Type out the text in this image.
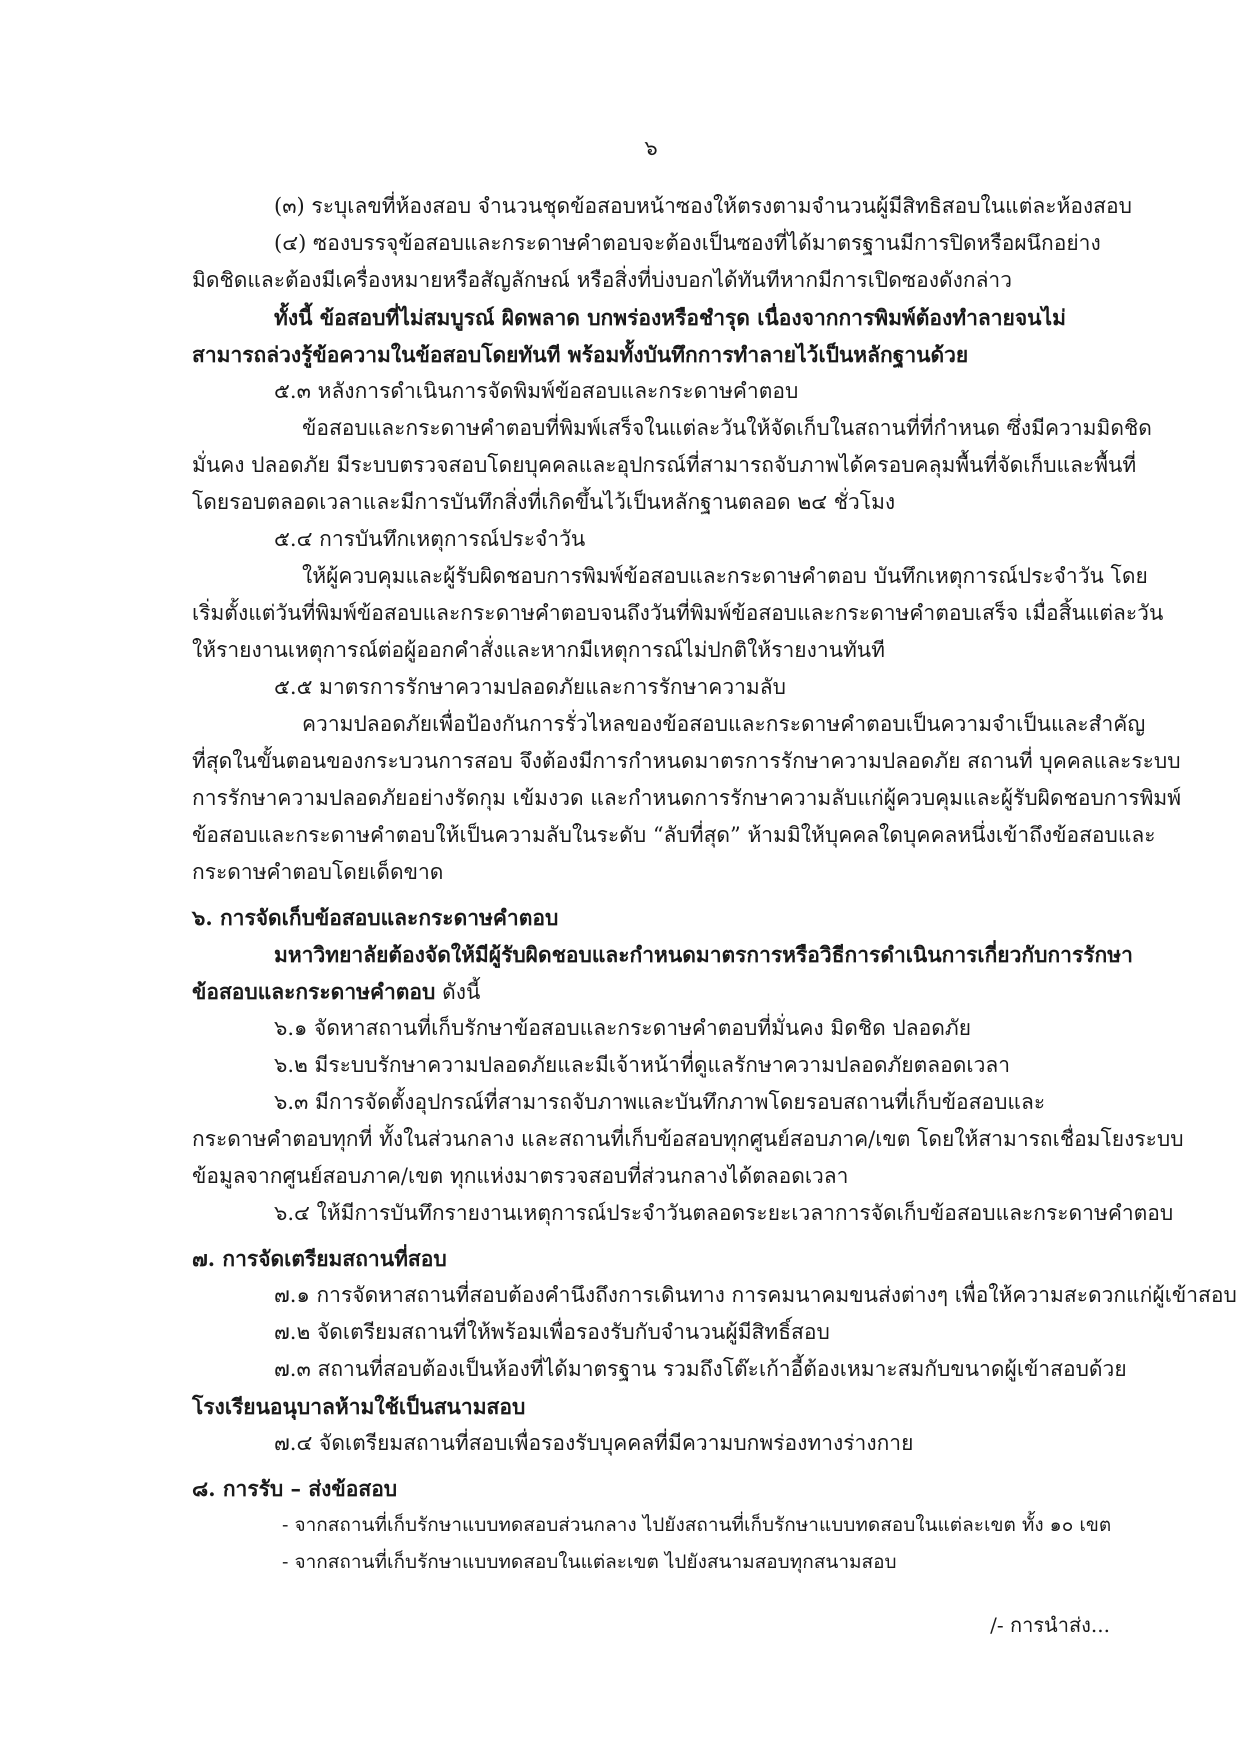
๖
(๓) ระบุเลขที่ห้องสอบ จำนวนชุดข้อสอบหน้าซองให้ตรงตามจำนวนผู้มีสิทธิสอบในแต่ละห้องสอบ
(๔) ซองบรรจุข้อสอบและกระดาษคำตอบจะต้องเป็นซองที่ได้มาตรฐานมีการปิดหรือผนึกอย่าง
มิดชิดและต้องมีเครื่องหมายหรือสัญลักษณ์ หรือสิ่งที่บ่งบอกได้ทันทีหากมีการเปิดซองดังกล่าว
ทั้งนี้ ข้อสอบที่ไม่สมบูรณ์ ผิดพลาด บกพร่องหรือชำรุด เนื่องจากการพิมพ์ต้องทำลายจนไม่
สามารถล่วงรู้ข้อความในข้อสอบโดยทันที พร้อมทั้งบันทึกการทำลายไว้เป็นหลักฐานด้วย
๕.๓ หลังการดำเนินการจัดพิมพ์ข้อสอบและกระดาษคำตอบ
ข้อสอบและกระดาษคำตอบที่พิมพ์เสร็จในแต่ละวันให้จัดเก็บในสถานที่ที่กำหนด ซึ่งมีความมิดชิด
มั่นคง ปลอดภัย มีระบบตรวจสอบโดยบุคคลและอุปกรณ์ที่สามารถจับภาพได้ครอบคลุมพื้นที่จัดเก็บและพื้นที่
โดยรอบตลอดเวลาและมีการบันทึกสิ่งที่เกิดขึ้นไว้เป็นหลักฐานตลอด ๒๔ ชั่วโมง
๕.๔ การบันทึกเหตุการณ์ประจำวัน
ให้ผู้ควบคุมและผู้รับผิดชอบการพิมพ์ข้อสอบและกระดาษคำตอบ บันทึกเหตุการณ์ประจำวัน โดย
เริ่มตั้งแต่วันที่พิมพ์ข้อสอบและกระดาษคำตอบจนถึงวันที่พิมพ์ข้อสอบและกระดาษคำตอบเสร็จ เมื่อสิ้นแต่ละวัน
ให้รายงานเหตุการณ์ต่อผู้ออกคำสั่งและหากมีเหตุการณ์ไม่ปกติให้รายงานทันที
๕.๕ มาตรการรักษาความปลอดภัยและการรักษาความลับ
ความปลอดภัยเพื่อป้องกันการรั่วไหลของข้อสอบและกระดาษคำตอบเป็นความจำเป็นและสำคัญ
ที่สุดในขั้นตอนของกระบวนการสอบ จึงต้องมีการกำหนดมาตรการรักษาความปลอดภัย สถานที่ บุคคลและระบบ
การรักษาความปลอดภัยอย่างรัดกุม เข้มงวด และกำหนดการรักษาความลับแก่ผู้ควบคุมและผู้รับผิดชอบการพิมพ์
ข้อสอบและกระดาษคำตอบให้เป็นความลับในระดับ “ลับที่สุด” ห้ามมิให้บุคคลใดบุคคลหนึ่งเข้าถึงข้อสอบและ
กระดาษคำตอบโดยเด็ดขาด
๖. การจัดเก็บข้อสอบและกระดาษคำตอบ
มหาวิทยาลัยต้องจัดให้มีผู้รับผิดชอบและกำหนดมาตรการหรือวิธีการดำเนินการเกี่ยวกับการรักษา
ข้อสอบและกระดาษคำตอบ ดังนี้
๖.๑ จัดหาสถานที่เก็บรักษาข้อสอบและกระดาษคำตอบที่มั่นคง มิดชิด ปลอดภัย
๖.๒ มีระบบรักษาความปลอดภัยและมีเจ้าหน้าที่ดูแลรักษาความปลอดภัยตลอดเวลา
๖.๓ มีการจัดตั้งอุปกรณ์ที่สามารถจับภาพและบันทึกภาพโดยรอบสถานที่เก็บข้อสอบและ
กระดาษคำตอบทุกที่ ทั้งในส่วนกลาง และสถานที่เก็บข้อสอบทุกศูนย์สอบภาค/เขต โดยให้สามารถเชื่อมโยงระบบ
ข้อมูลจากศูนย์สอบภาค/เขต ทุกแห่งมาตรวจสอบที่ส่วนกลางได้ตลอดเวลา
๖.๔ ให้มีการบันทึกรายงานเหตุการณ์ประจำวันตลอดระยะเวลาการจัดเก็บข้อสอบและกระดาษคำตอบ
๗. การจัดเตรียมสถานที่สอบ
๗.๑ การจัดหาสถานที่สอบต้องคำนึงถึงการเดินทาง การคมนาคมขนส่งต่างๆ เพื่อให้ความสะดวกแก่ผู้เข้าสอบ
๗.๒ จัดเตรียมสถานที่ให้พร้อมเพื่อรองรับกับจำนวนผู้มีสิทธิ์สอบ
๗.๓ สถานที่สอบต้องเป็นห้องที่ได้มาตรฐาน รวมถึงโต๊ะเก้าอี้ต้องเหมาะสมกับขนาดผู้เข้าสอบด้วย
โรงเรียนอนุบาลห้ามใช้เป็นสนามสอบ
๗.๔ จัดเตรียมสถานที่สอบเพื่อรองรับบุคคลที่มีความบกพร่องทางร่างกาย
๘. การรับ – ส่งข้อสอบ
- จากสถานที่เก็บรักษาแบบทดสอบส่วนกลาง ไปยังสถานที่เก็บรักษาแบบทดสอบในแต่ละเขต ทั้ง ๑๐ เขต
- จากสถานที่เก็บรักษาแบบทดสอบในแต่ละเขต ไปยังสนามสอบทุกสนามสอบ
/- การนำส่ง...
